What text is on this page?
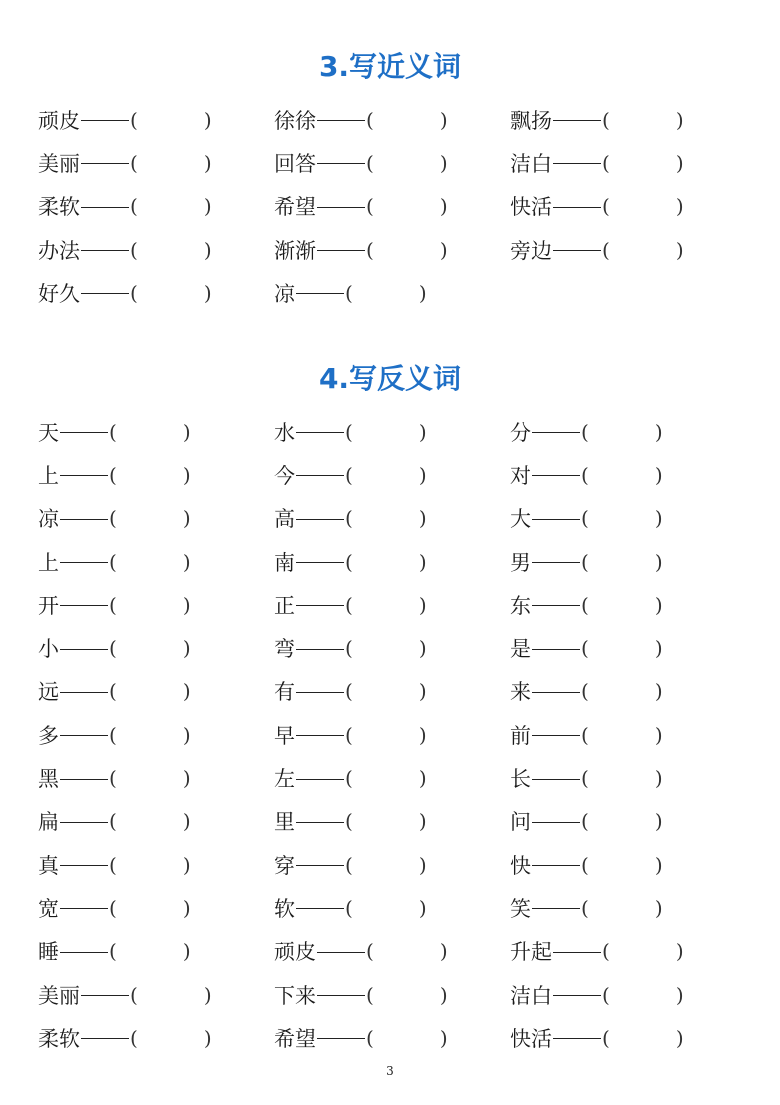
3.写近义词
顽皮	(	)	徐徐	(	)	飘扬	(	)
美丽	(	)	回答	(	)	洁白	(	)
柔软	(	)	希望	(	)	快活	(	)
办法	(	)	渐渐	(	)	旁边	(	)
好久	(	)	凉	(	)
4.写反义词
天	(	)	水	(	)	分	(	)
上	(	)	今	(	)	对	(	)
凉	(	)	高	(	)	大	(	)
上	(	)	南	(	)	男	(	)
开	(	)	正	(	)	东	(	)
小	(	)	弯	(	)	是	(	)
远	(	)	有	(	)	来	(	)
多	(	)	早	(	)	前	(	)
黑	(	)	左	(	)	长	(	)
扁	(	)	里	(	)	问	(	)
真	(	)	穿	(	)	快	(	)
宽	(	)	软	(	)	笑	(	)
睡	(	)	顽皮	(	)	升起	(	)
美丽	(	)	下来	(	)	洁白	(	)
柔软	(	)	希望	(	)	快活	(	)
3
